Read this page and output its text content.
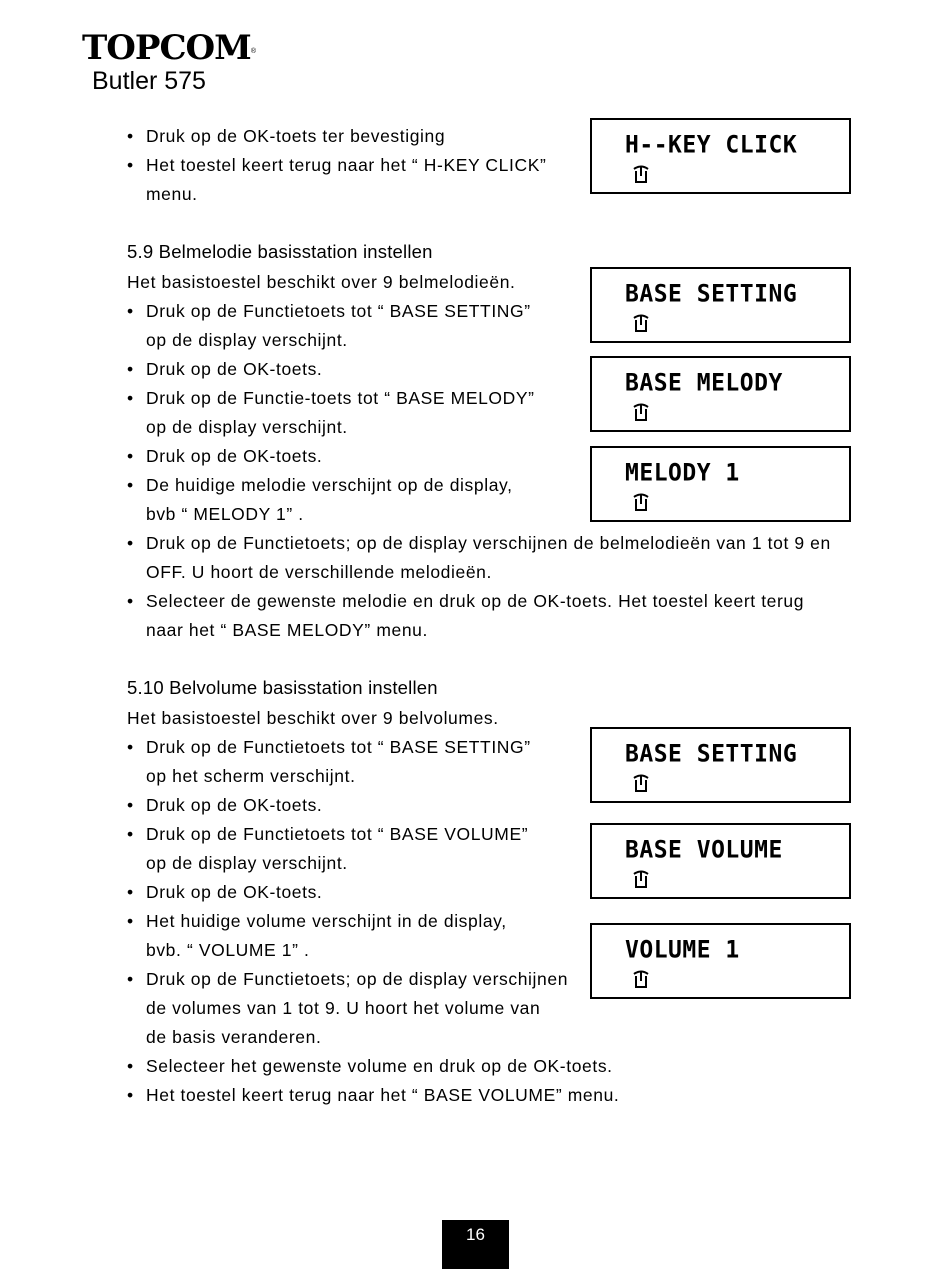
TOPCOM ®
Butler 575
• Druk op de OK-toets ter bevestiging
• Het toestel keert terug naar het “ H-KEY CLICK”
menu.
5.9 Belmelodie basisstation instellen
Het basistoestel beschikt over 9 belmelodieën.
• Druk op de Functietoets tot “ BASE SETTING”
op de display verschijnt.
• Druk op de OK-toets.
• Druk op de Functie-toets tot “ BASE MELODY”
op de display verschijnt.
• Druk op de OK-toets.
• De huidige melodie verschijnt op de display,
bvb “ MELODY 1” .
• Druk op de Functietoets; op de display verschijnen de belmelodieën van 1 tot 9 en
OFF. U hoort de verschillende melodieën.
• Selecteer de gewenste melodie en druk op de OK-toets. Het toestel keert terug
naar het “ BASE MELODY” menu.
5.10 Belvolume basisstation instellen
Het basistoestel beschikt over 9 belvolumes.
• Druk op de Functietoets tot “ BASE SETTING”
op het scherm verschijnt.
• Druk op de OK-toets.
• Druk op de Functietoets tot “ BASE VOLUME”
op de display verschijnt.
• Druk op de OK-toets.
• Het huidige volume verschijnt in de display,
bvb. “ VOLUME 1” .
• Druk op de Functietoets; op de display verschijnen
de volumes van 1 tot 9. U hoort het volume van
de basis veranderen.
• Selecteer het gewenste volume en druk op de OK-toets.
• Het toestel keert terug naar het “ BASE VOLUME” menu.
H--KEY CLICK
BASE SETTING
BASE MELODY
MELODY 1
BASE SETTING
BASE VOLUME
VOLUME 1
16
